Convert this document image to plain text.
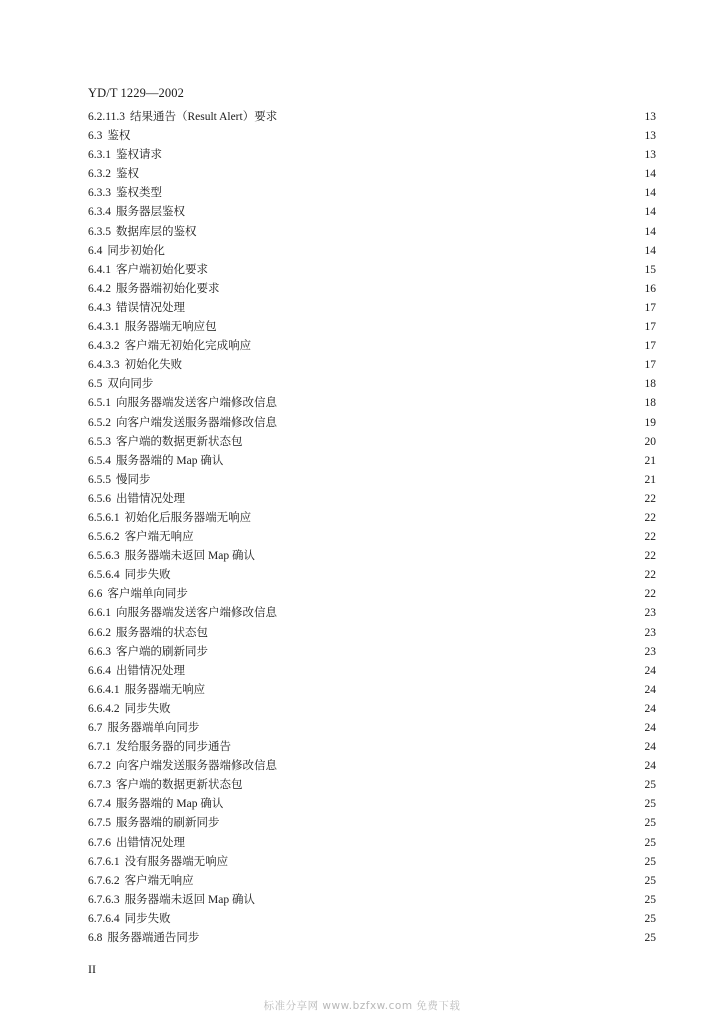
YD/T 1229—2002
6.2.11.3 结果通告（Result Alert）要求	13
6.3 鉴权	13
6.3.1 鉴权请求	13
6.3.2 鉴权	14
6.3.3 鉴权类型	14
6.3.4 服务器层鉴权	14
6.3.5 数据库层的鉴权	14
6.4 同步初始化	14
6.4.1 客户端初始化要求	15
6.4.2 服务器端初始化要求	16
6.4.3 错误情况处理	17
6.4.3.1 服务器端无响应包	17
6.4.3.2 客户端无初始化完成响应	17
6.4.3.3 初始化失败	17
6.5 双向同步	18
6.5.1 向服务器端发送客户端修改信息	18
6.5.2 向客户端发送服务器端修改信息	19
6.5.3 客户端的数据更新状态包	20
6.5.4 服务器端的 Map 确认	21
6.5.5 慢同步	21
6.5.6 出错情况处理	22
6.5.6.1 初始化后服务器端无响应	22
6.5.6.2 客户端无响应	22
6.5.6.3 服务器端未返回 Map 确认	22
6.5.6.4 同步失败	22
6.6 客户端单向同步	22
6.6.1 向服务器端发送客户端修改信息	23
6.6.2 服务器端的状态包	23
6.6.3 客户端的刷新同步	23
6.6.4 出错情况处理	24
6.6.4.1 服务器端无响应	24
6.6.4.2 同步失败	24
6.7 服务器端单向同步	24
6.7.1 发给服务器的同步通告	24
6.7.2 向客户端发送服务器端修改信息	24
6.7.3 客户端的数据更新状态包	25
6.7.4 服务器端的 Map 确认	25
6.7.5 服务器端的刷新同步	25
6.7.6 出错情况处理	25
6.7.6.1 没有服务器端无响应	25
6.7.6.2 客户端无响应	25
6.7.6.3 服务器端未返回 Map 确认	25
6.7.6.4 同步失败	25
6.8 服务器端通告同步	25
II
标准分享网 www.bzfxw.com 免费下载
